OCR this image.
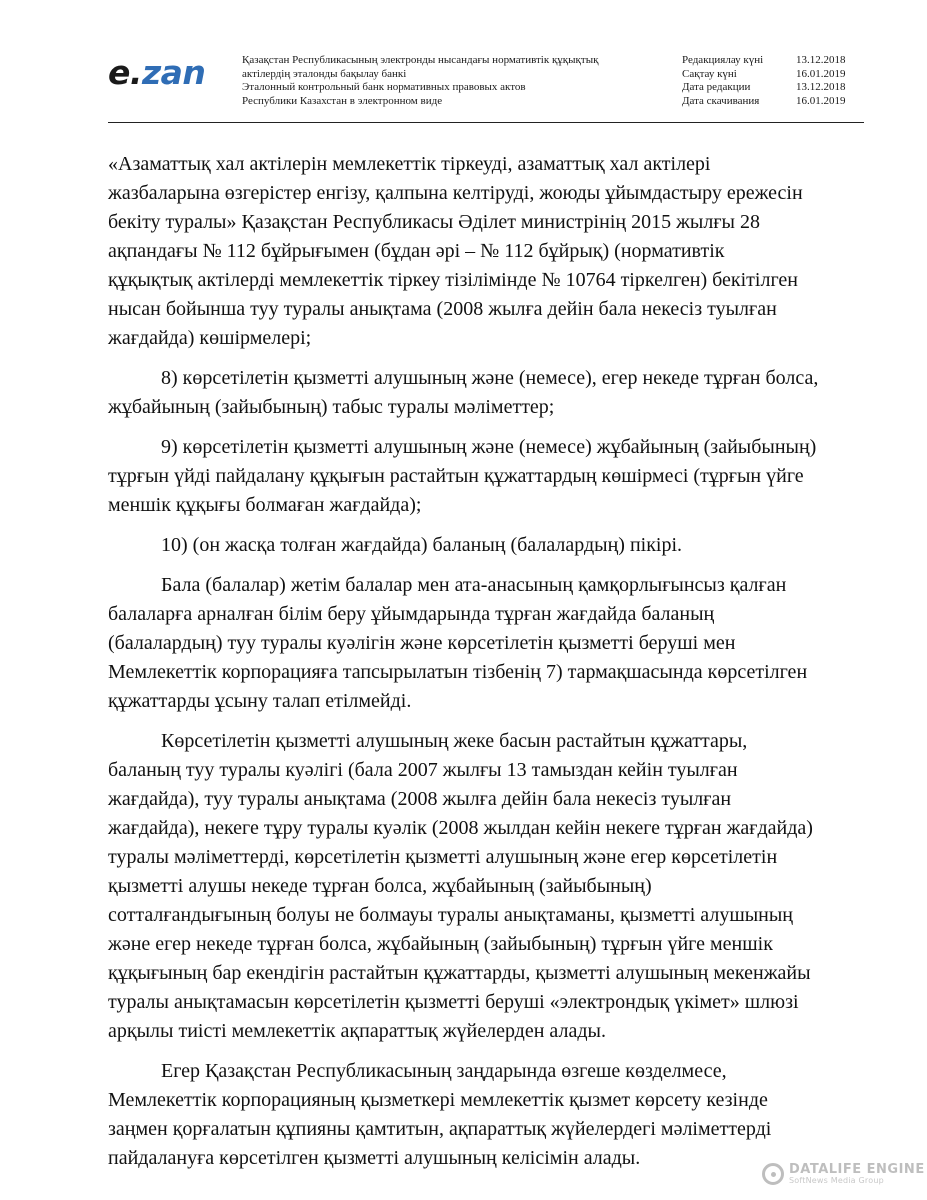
e.zan	Қазақстан Республикасының электронды нысандағы нормативтік құқықтық
актілердің эталонды бақылау банкі
Эталонный контрольный банк нормативных правовых актов
Республики Казахстан в электронном виде
Редакциялау күні	13.12.2018
Сақтау күні	16.01.2019
Дата редакции	13.12.2018
Дата скачивания	16.01.2019
«Азаматтық хал актілерін мемлекеттік тіркеуді, азаматтық хал актілері
жазбаларына өзгерістер енгізу, қалпына келтіруді, жоюды ұйымдастыру ережесін
бекіту туралы» Қазақстан Республикасы Әділет министрінің 2015 жылғы 28
ақпандағы № 112 бұйрығымен (бұдан әрі – № 112 бұйрық) (нормативтік
құқықтық актілерді мемлекеттік тіркеу тізілімінде № 10764 тіркелген) бекітілген
нысан бойынша туу туралы анықтама (2008 жылға дейін бала некесіз туылған
жағдайда) көшірмелері;
8) көрсетілетін қызметті алушының және (немесе), егер некеде тұрған болса,
жұбайының (зайыбының) табыс туралы мәліметтер;
9) көрсетілетін қызметті алушының және (немесе) жұбайының (зайыбының)
тұрғын үйді пайдалану құқығын растайтын құжаттардың көшірмесі (тұрғын үйге
меншік құқығы болмаған жағдайда);
10) (он жасқа толған жағдайда) баланың (балалардың) пікірі.
Бала (балалар) жетім балалар мен ата-анасының қамқорлығынсыз қалған
балаларға арналған білім беру ұйымдарында тұрған жағдайда баланың
(балалардың) туу туралы куәлігін және көрсетілетін қызметті беруші мен
Мемлекеттік корпорацияға тапсырылатын тізбенің 7) тармақшасында көрсетілген
құжаттарды ұсыну талап етілмейді.
Көрсетілетін қызметті алушының жеке басын растайтын құжаттары,
баланың туу туралы куәлігі (бала 2007 жылғы 13 тамыздан кейін туылған
жағдайда), туу туралы анықтама (2008 жылға дейін бала некесіз туылған
жағдайда), некеге тұру туралы куәлік (2008 жылдан кейін некеге тұрған жағдайда)
туралы мәліметтерді, көрсетілетін қызметті алушының және егер көрсетілетін
қызметті алушы некеде тұрған болса, жұбайының (зайыбының)
сотталғандығының болуы не болмауы туралы анықтаманы, қызметті алушының
және егер некеде тұрған болса, жұбайының (зайыбының) тұрғын үйге меншік
құқығының бар екендігін растайтын құжаттарды, қызметті алушының мекенжайы
туралы анықтамасын көрсетілетін қызметті беруші «электрондық үкімет» шлюзі
арқылы тиісті мемлекеттік ақпараттық жүйелерден алады.
Егер Қазақстан Республикасының заңдарында өзгеше көзделмесе,
Мемлекеттік корпорацияның қызметкері мемлекеттік қызмет көрсету кезінде
заңмен қорғалатын құпияны қамтитын, ақпараттық жүйелердегі мәліметтерді
пайдалануға көрсетілген қызметті алушының келісімін алады.
DATALIFE ENGINE
SoftNews Media Group
